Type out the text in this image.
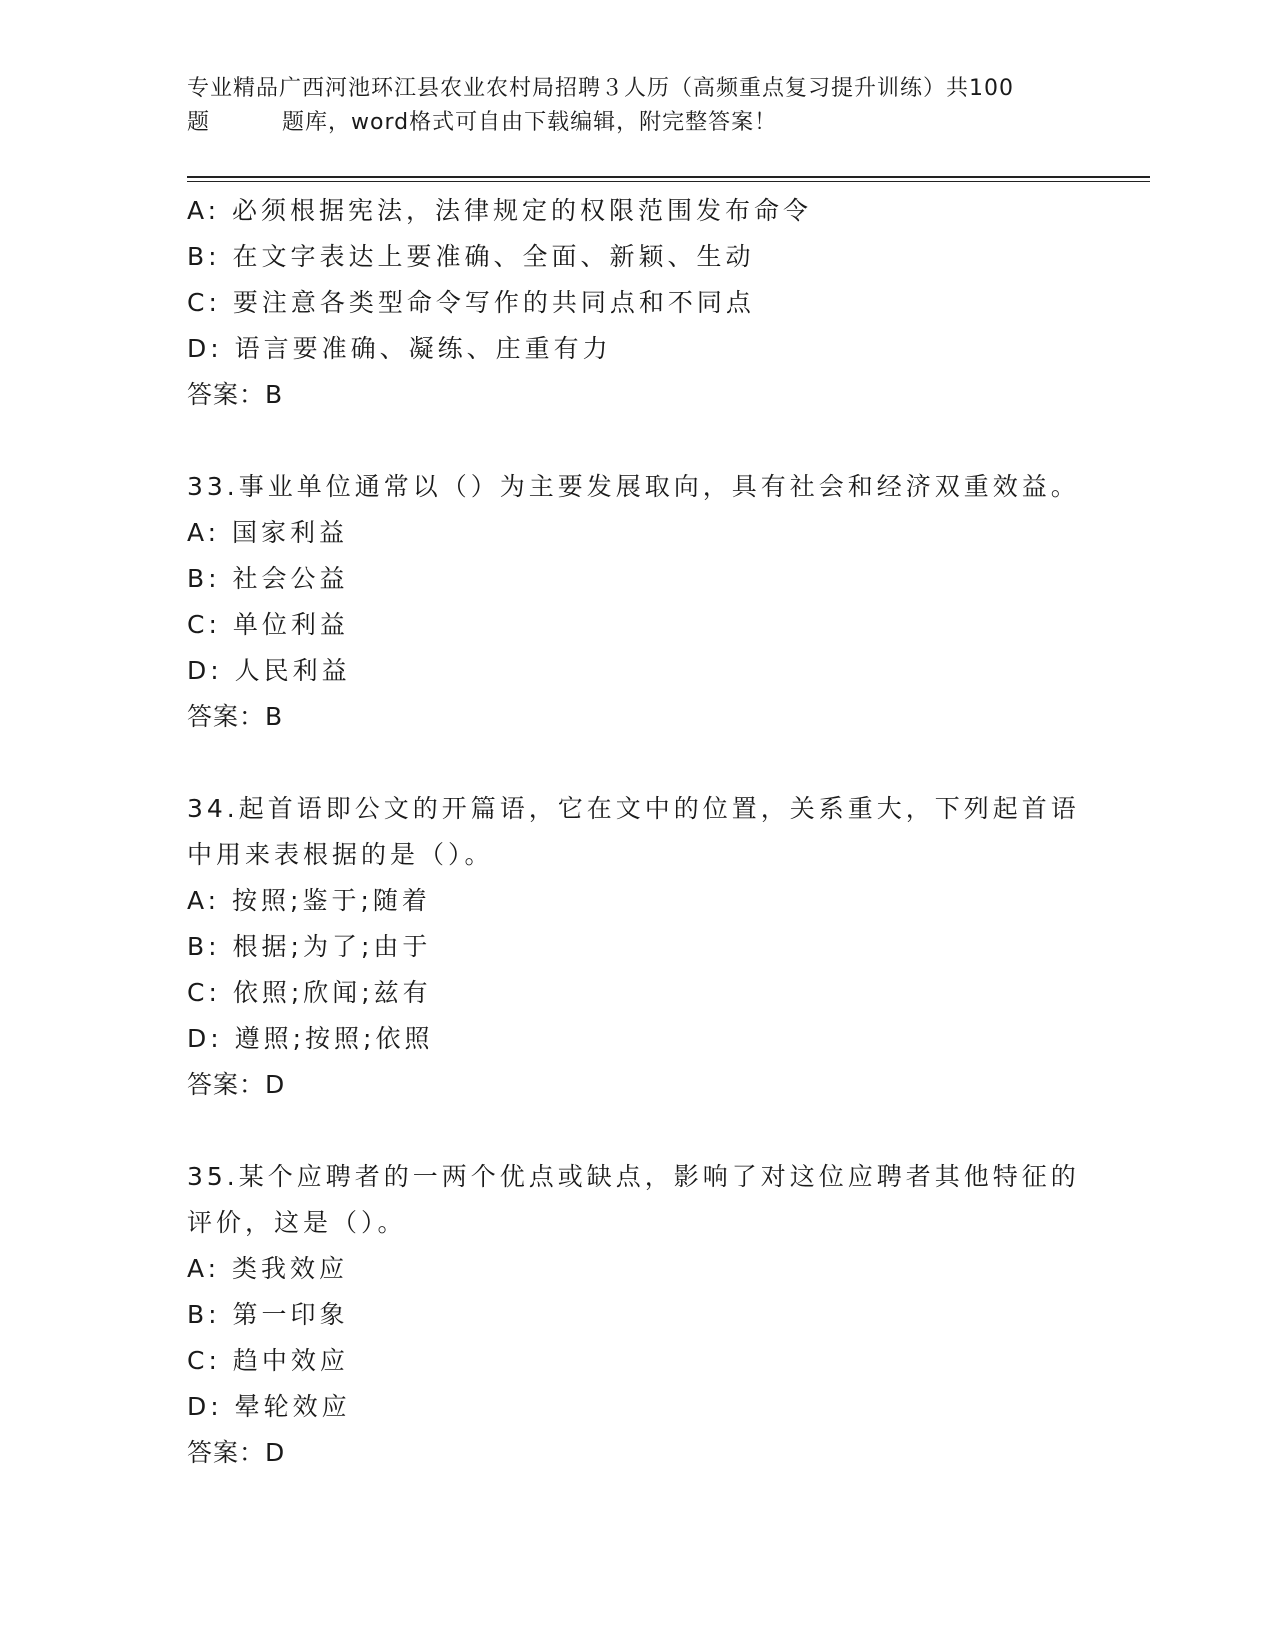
专业精品广西河池环江县农业农村局招聘３人历（高频重点复习提升训练）共100
题	题库，word格式可自由下载编辑，附完整答案！
A: 必须根据宪法，法律规定的权限范围发布命令
B: 在文字表达上要准确、全面、新颖、生动
C: 要注意各类型命令写作的共同点和不同点
D: 语言要准确、凝练、庄重有力
答案：B
33.事业单位通常以（）为主要发展取向，具有社会和经济双重效益。
A: 国家利益
B: 社会公益
C: 单位利益
D: 人民利益
答案：B
34.起首语即公文的开篇语，它在文中的位置，关系重大，下列起首语
中用来表根据的是（）。
A: 按照;鉴于;随着
B: 根据;为了;由于
C: 依照;欣闻;兹有
D: 遵照;按照;依照
答案：D
35.某个应聘者的一两个优点或缺点，影响了对这位应聘者其他特征的
评价，这是（）。
A: 类我效应
B: 第一印象
C: 趋中效应
D: 晕轮效应
答案：D
